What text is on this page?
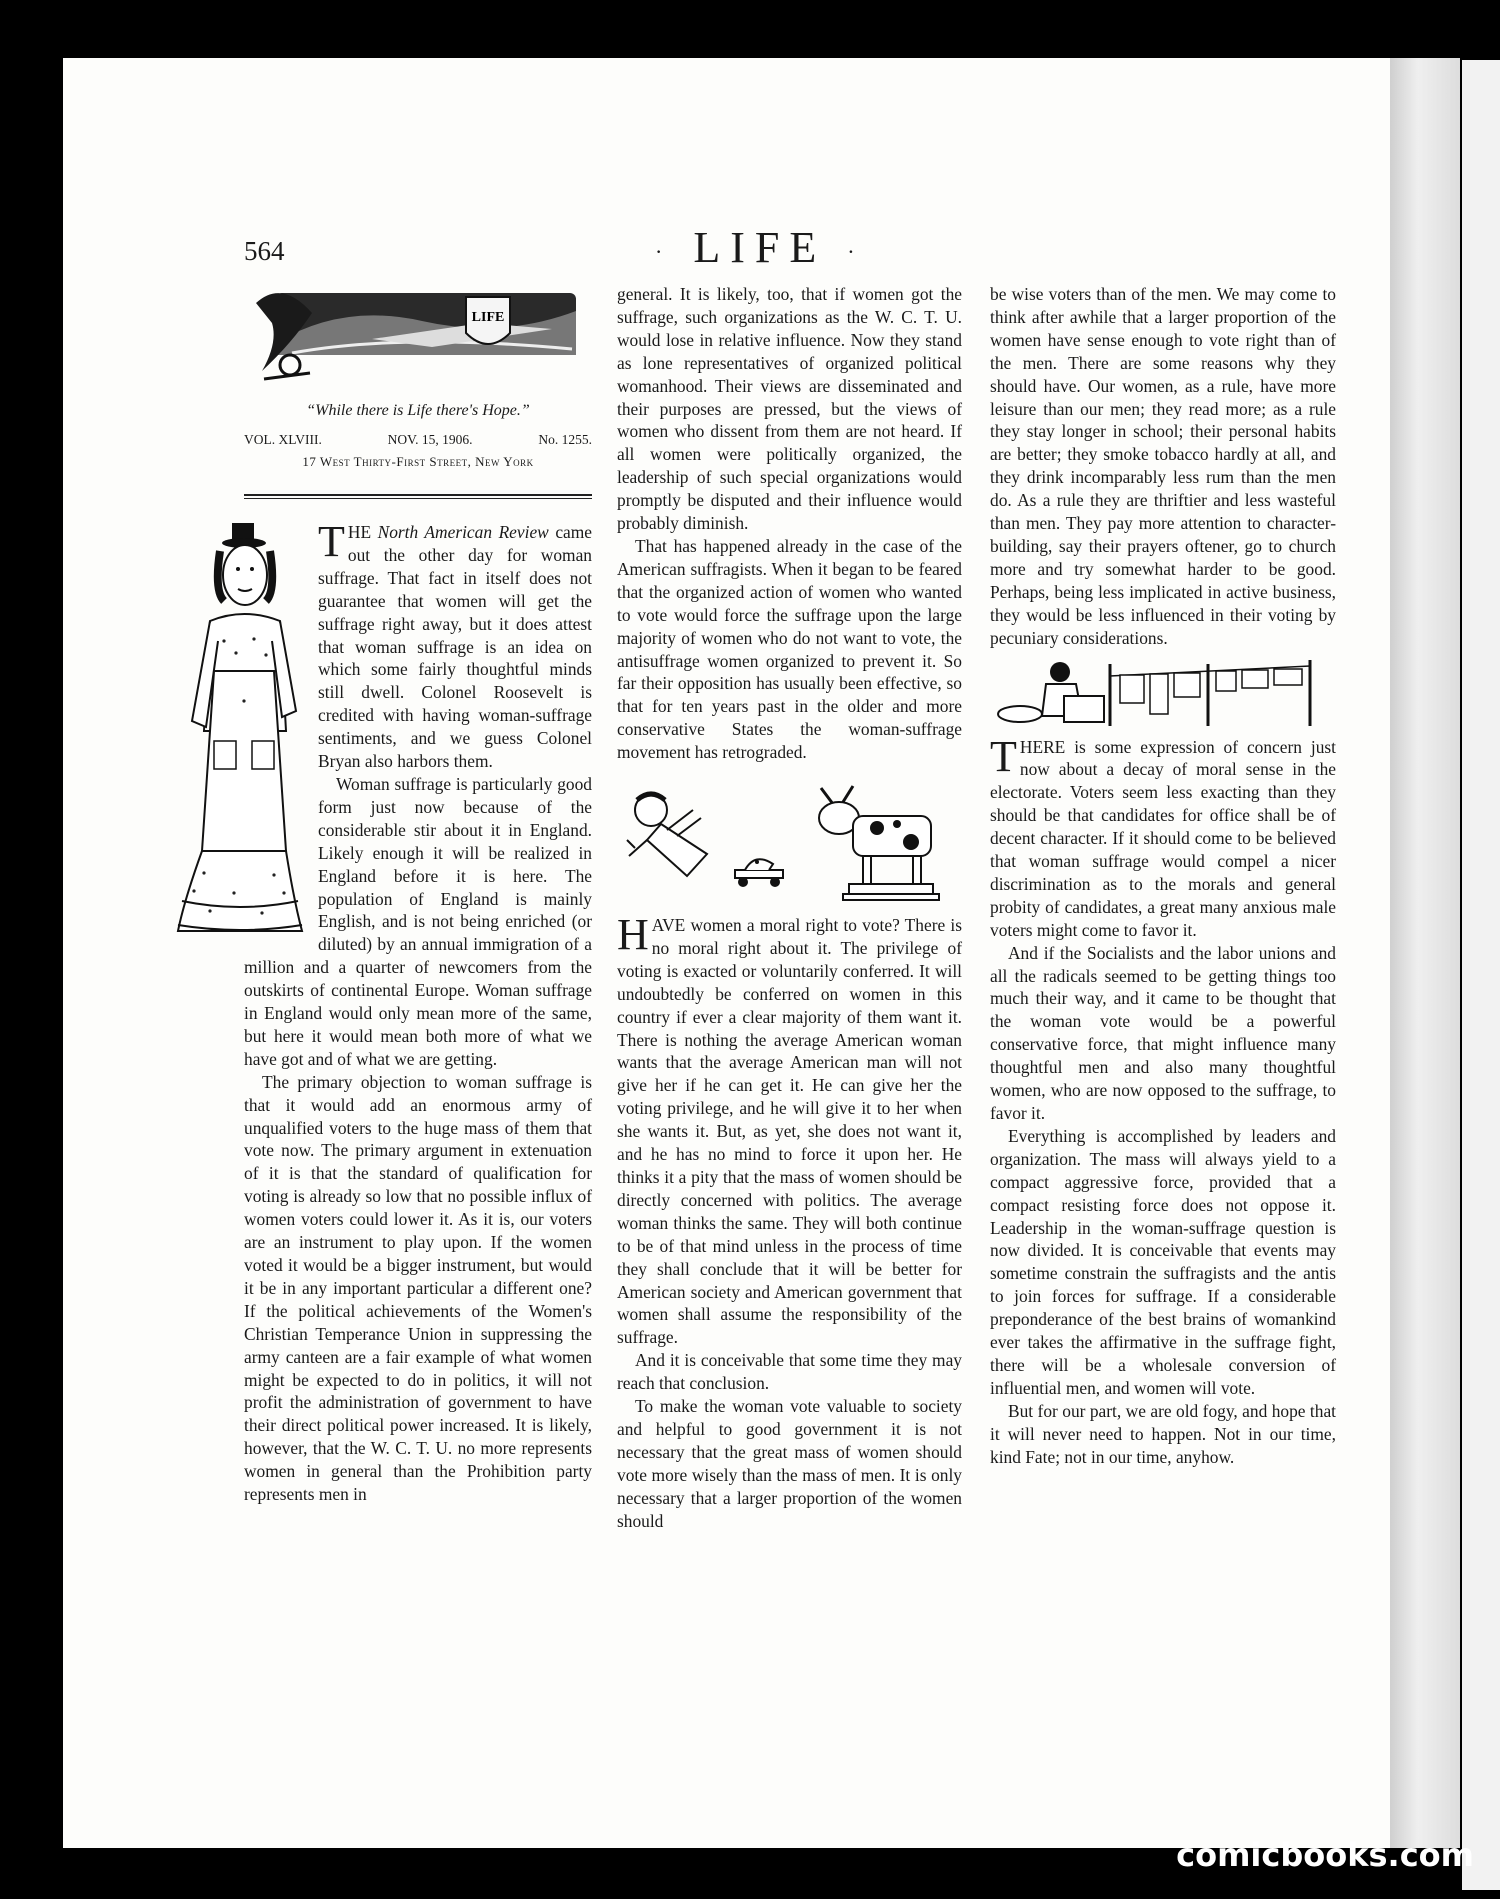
564	· LIFE ·
LIFE
“While there is Life there's Hope.”
VOL. XLVIII.	NOV. 15, 1906.	No. 1255.
17 West Thirty-First Street, New York

THE North American Review came out the other day for woman suffrage. That fact in itself does not guarantee that women will get the suffrage right away, but it does attest that woman suffrage is an idea on which some fairly thoughtful minds still dwell. Colonel Roosevelt is credited with having woman-suffrage sentiments, and we guess Colonel Bryan also harbors them.

Woman suffrage is particularly good form just now because of the considerable stir about it in England. Likely enough it will be realized in England before it is here. The population of England is mainly English, and is not being enriched (or diluted) by an annual immigration of a million and a quarter of newcomers from the outskirts of continental Europe. Woman suffrage in England would only mean more of the same, but here it would mean both more of what we have got and of what we are getting.

The primary objection to woman suffrage is that it would add an enormous army of unqualified voters to the huge mass of them that vote now. The primary argument in extenuation of it is that the standard of qualification for voting is already so low that no possible influx of women voters could lower it. As it is, our voters are an instrument to play upon. If the women voted it would be a bigger instrument, but would it be in any important particular a different one? If the political achievements of the Women's Christian Temperance Union in suppressing the army canteen are a fair example of what women might be expected to do in politics, it will not profit the administration of government to have their direct political power increased. It is likely, however, that the W. C. T. U. no more represents women in general than the Prohibition party represents men in

general. It is likely, too, that if women got the suffrage, such organizations as the W. C. T. U. would lose in relative influence. Now they stand as lone representatives of organized political womanhood. Their views are disseminated and their purposes are pressed, but the views of women who dissent from them are not heard. If all women were politically organized, the leadership of such special organizations would promptly be disputed and their influence would probably diminish.

That has happened already in the case of the American suffragists. When it began to be feared that the organized action of women who wanted to vote would force the suffrage upon the large majority of women who do not want to vote, the antisuffrage women organized to prevent it. So far their opposition has usually been effective, so that for ten years past in the older and more conservative States the woman-suffrage movement has retrograded.

HAVE women a moral right to vote? There is no moral right about it. The privilege of voting is exacted or voluntarily conferred. It will undoubtedly be conferred on women in this country if ever a clear majority of them want it. There is nothing the average American woman wants that the average American man will not give her if he can get it. He can give her the voting privilege, and he will give it to her when she wants it. But, as yet, she does not want it, and he has no mind to force it upon her. He thinks it a pity that the mass of women should be directly concerned with politics. The average woman thinks the same. They will both continue to be of that mind unless in the process of time they shall conclude that it will be better for American society and American government that women shall assume the responsibility of the suffrage.

And it is conceivable that some time they may reach that conclusion.

To make the woman vote valuable to society and helpful to good government it is not necessary that the great mass of women should vote more wisely than the mass of men. It is only necessary that a larger proportion of the women should

be wise voters than of the men. We may come to think after awhile that a larger proportion of the women have sense enough to vote right than of the men. There are some reasons why they should have. Our women, as a rule, have more leisure than our men; they read more; as a rule they stay longer in school; their personal habits are better; they smoke tobacco hardly at all, and they drink incomparably less rum than the men do. As a rule they are thriftier and less wasteful than men. They pay more attention to character-building, say their prayers oftener, go to church more and try somewhat harder to be good. Perhaps, being less implicated in active business, they would be less influenced in their voting by pecuniary considerations.

THERE is some expression of concern just now about a decay of moral sense in the electorate. Voters seem less exacting than they should be that candidates for office shall be of decent character. If it should come to be believed that woman suffrage would compel a nicer discrimination as to the morals and general probity of candidates, a great many anxious male voters might come to favor it.

And if the Socialists and the labor unions and all the radicals seemed to be getting things too much their way, and it came to be thought that the woman vote would be a powerful conservative force, that might influence many thoughtful men and also many thoughtful women, who are now opposed to the suffrage, to favor it.

Everything is accomplished by leaders and organization. The mass will always yield to a compact aggressive force, provided that a compact resisting force does not oppose it. Leadership in the woman-suffrage question is now divided. It is conceivable that events may sometime constrain the suffragists and the antis to join forces for suffrage. If a considerable preponderance of the best brains of womankind ever takes the affirmative in the suffrage fight, there will be a wholesale conversion of influential men, and women will vote.

But for our part, we are old fogy, and hope that it will never need to happen. Not in our time, kind Fate; not in our time, anyhow.

comicbooks.com
